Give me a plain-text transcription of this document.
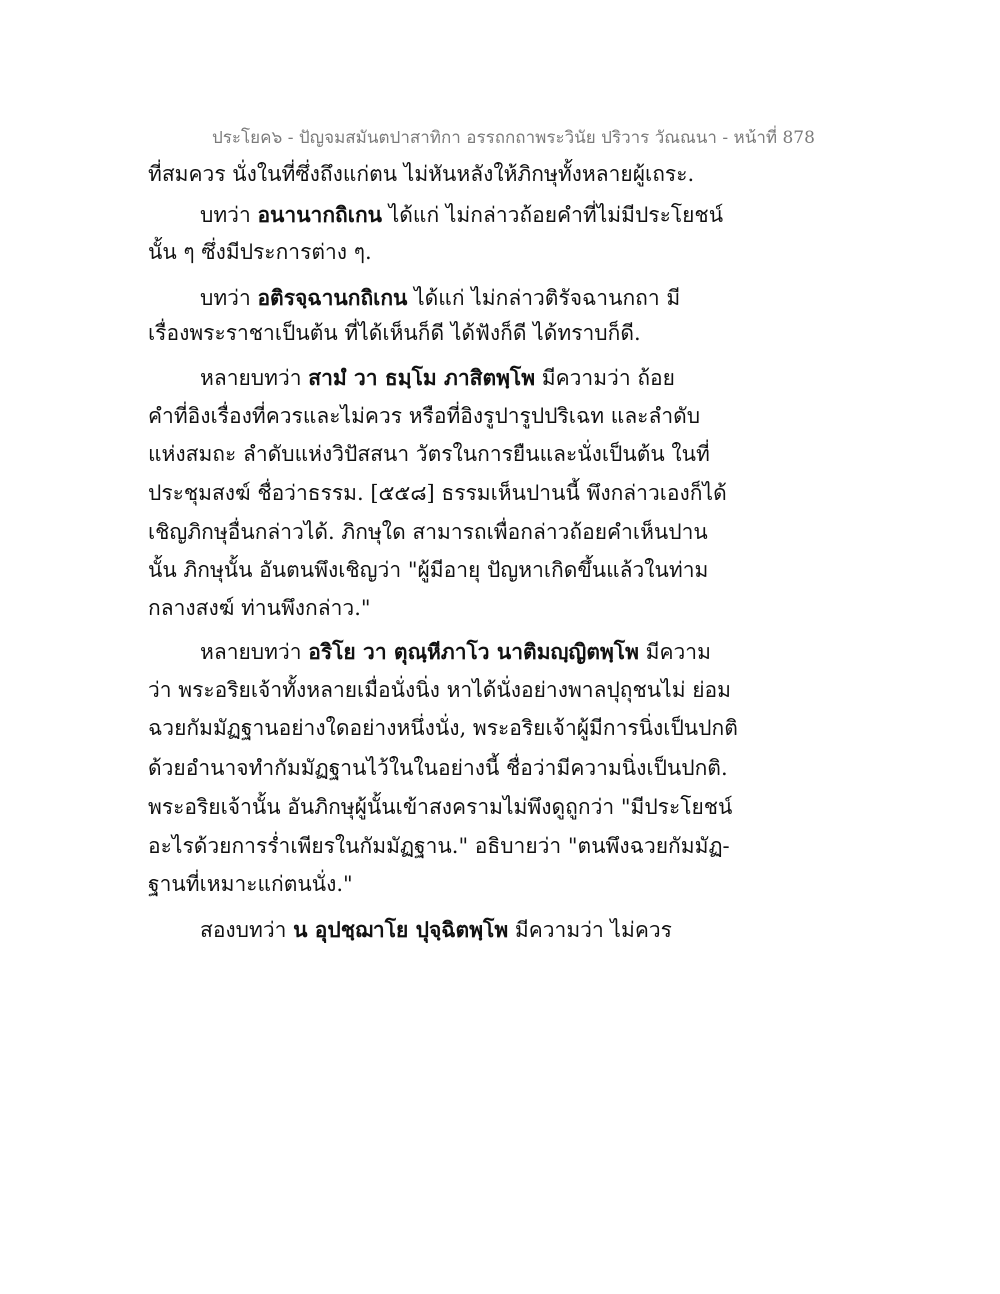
ประโยค๖ - ปัญจมสมันตปาสาทิกา อรรถกถาพระวินัย ปริวาร วัณณนา - หน้าที่ 878
ที่สมควร นั่งในที่ซึ่งถึงแก่ตน ไม่หันหลังให้ภิกษุทั้งหลายผู้เถระ.
บทว่า อนานากถิเกน ได้แก่ ไม่กล่าวถ้อยคำที่ไม่มีประโยชน์
นั้น ๆ ซึ่งมีประการต่าง ๆ.
บทว่า อติรจฺฉานกถิเกน ได้แก่ ไม่กล่าวติรัจฉานกถา มี
เรื่องพระราชาเป็นต้น ที่ได้เห็นก็ดี ได้ฟังก็ดี ได้ทราบก็ดี.
หลายบทว่า สามํ วา ธมฺโม ภาสิตพฺโพ มีความว่า ถ้อย
คำที่อิงเรื่องที่ควรและไม่ควร หรือที่อิงรูปารูปปริเฉท และลำดับ
แห่งสมถะ ลำดับแห่งวิปัสสนา วัตรในการยืนและนั่งเป็นต้น ในที่
ประชุมสงฆ์ ชื่อว่าธรรม. [๕๕๘] ธรรมเห็นปานนี้ พึงกล่าวเองก็ได้
เชิญภิกษุอื่นกล่าวได้. ภิกษุใด สามารถเพื่อกล่าวถ้อยคำเห็นปาน
นั้น ภิกษุนั้น อันตนพึงเชิญว่า "ผู้มีอายุ ปัญหาเกิดขึ้นแล้วในท่าม
กลางสงฆ์ ท่านพึงกล่าว."
หลายบทว่า อริโย วา ตุณฺหีภาโว นาติมญฺญิตพฺโพ มีความ
ว่า พระอริยเจ้าทั้งหลายเมื่อนั่งนิ่ง หาได้นั่งอย่างพาลปุถุชนไม่ ย่อม
ฉวยกัมมัฏฐานอย่างใดอย่างหนึ่งนั่ง, พระอริยเจ้าผู้มีการนิ่งเป็นปกติ
ด้วยอำนาจทำกัมมัฏฐานไว้ในในอย่างนี้ ชื่อว่ามีความนิ่งเป็นปกติ.
พระอริยเจ้านั้น อันภิกษุผู้นั้นเข้าสงครามไม่พึงดูถูกว่า "มีประโยชน์
อะไรด้วยการร่ำเพียรในกัมมัฏฐาน." อธิบายว่า "ตนพึงฉวยกัมมัฏ-
ฐานที่เหมาะแก่ตนนั่ง."
สองบทว่า น อุปชฺฌาโย ปุจฺฉิตพฺโพ มีความว่า ไม่ควร
